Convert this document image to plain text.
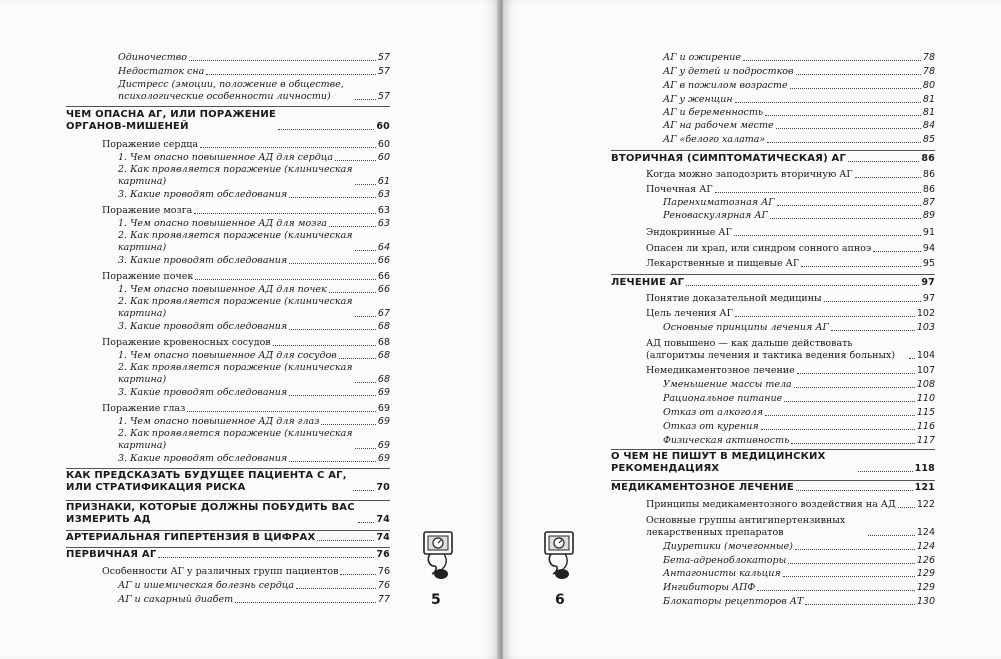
Одиночество	57
Недостаток сна	57
Дистресс (эмоции, положение в обществе, психологические особенности личности)	57
ЧЕМ ОПАСНА АГ, ИЛИ ПОРАЖЕНИЕ ОРГАНОВ-МИШЕНЕЙ	60
Поражение сердца	60
1. Чем опасно повышенное АД для сердца	60
2. Как проявляется поражение (клиническая картина)	61
3. Какие проводят обследования	63
Поражение мозга	63
1. Чем опасно повышенное АД для мозга	63
2. Как проявляется поражение (клиническая картина)	64
3. Какие проводят обследования	66
Поражение почек	66
1. Чем опасно повышенное АД для почек	66
2. Как проявляется поражение (клиническая картина)	67
3. Какие проводят обследования	68
Поражение кровеносных сосудов	68
1. Чем опасно повышенное АД для сосудов	68
2. Как проявляется поражение (клиническая картина)	68
3. Какие проводят обследования	69
Поражение глаз	69
1. Чем опасно повышенное АД для глаз	69
2. Как проявляется поражение (клиническая картина)	69
3. Какие проводят обследования	69
КАК ПРЕДСКАЗАТЬ БУДУЩЕЕ ПАЦИЕНТА С АГ, ИЛИ СТРАТИФИКАЦИЯ РИСКА	70
ПРИЗНАКИ, КОТОРЫЕ ДОЛЖНЫ ПОБУДИТЬ ВАС ИЗМЕРИТЬ АД	74
АРТЕРИАЛЬНАЯ ГИПЕРТЕНЗИЯ В ЦИФРАХ	74
ПЕРВИЧНАЯ АГ	76
Особенности АГ у различных групп пациентов	76
АГ и ишемическая болезнь сердца	76
АГ и сахарный диабет	77	5
АГ и ожирение	78
АГ у детей и подростков	78
АГ в пожилом возрасте	80
АГ у женщин	81
АГ и беременность	81
АГ на рабочем месте	84
АГ «белого халата»	85
ВТОРИЧНАЯ (СИМПТОМАТИЧЕСКАЯ) АГ	86
Когда можно заподозрить вторичную АГ	86
Почечная АГ	86
Паренхиматозная АГ	87
Реноваскулярная АГ	89
Эндокринные АГ	91
Опасен ли храп, или синдром сонного апноэ	94
Лекарственные и пищевые АГ	95
ЛЕЧЕНИЕ АГ	97
Понятие доказательной медицины	97
Цель лечения АГ	102
Основные принципы лечения АГ	103
АД повышено — как дальше действовать (алгоритмы лечения и тактика ведения больных)	104
Немедикаментозное лечение	107
Уменьшение массы тела	108
Рациональное питание	110
Отказ от алкоголя	115
Отказ от курения	116
Физическая активность	117
О ЧЕМ НЕ ПИШУТ В МЕДИЦИНСКИХ РЕКОМЕНДАЦИЯХ	118
МЕДИКАМЕНТОЗНОЕ ЛЕЧЕНИЕ	121
Принципы медикаментозного воздействия на АД 122
Основные группы антигипертензивных лекарственных препаратов	124
Диуретики (мочегонные)	124
Бета-адреноблокаторы	126
Антагонисты кальция	129
Ингибиторы АПФ	129
Блокаторы рецепторов АТ	130
6
